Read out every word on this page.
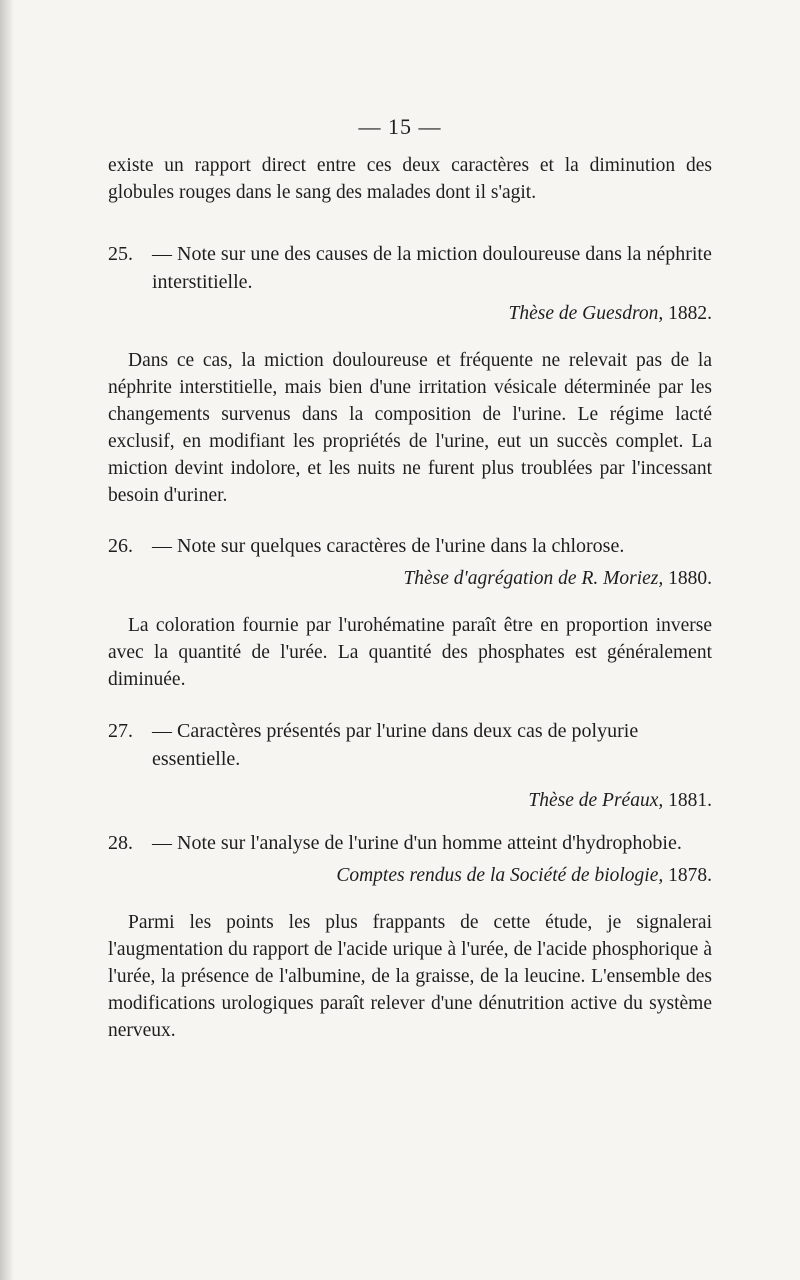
— 15 —

existe un rapport direct entre ces deux caractères et la diminution des globules rouges dans le sang des malades dont il s'agit.

25. — Note sur une des causes de la miction douloureuse dans la néphrite interstitielle.

Thèse de Guesdron, 1882.

Dans ce cas, la miction douloureuse et fréquente ne relevait pas de la néphrite interstitielle, mais bien d'une irritation vésicale déterminée par les changements survenus dans la composition de l'urine. Le régime lacté exclusif, en modifiant les propriétés de l'urine, eut un succès complet. La miction devint indolore, et les nuits ne furent plus troublées par l'incessant besoin d'uriner.

26. — Note sur quelques caractères de l'urine dans la chlorose.

Thèse d'agrégation de R. Moriez, 1880.

La coloration fournie par l'urohématine paraît être en proportion inverse avec la quantité de l'urée. La quantité des phosphates est généralement diminuée.

27. — Caractères présentés par l'urine dans deux cas de polyurie essentielle.

Thèse de Préaux, 1881.

28. — Note sur l'analyse de l'urine d'un homme atteint d'hydrophobie.

Comptes rendus de la Société de biologie, 1878.

Parmi les points les plus frappants de cette étude, je signalerai l'augmentation du rapport de l'acide urique à l'urée, de l'acide phosphorique à l'urée, la présence de l'albumine, de la graisse, de la leucine. L'ensemble des modifications urologiques paraît relever d'une dénutrition active du système nerveux.
